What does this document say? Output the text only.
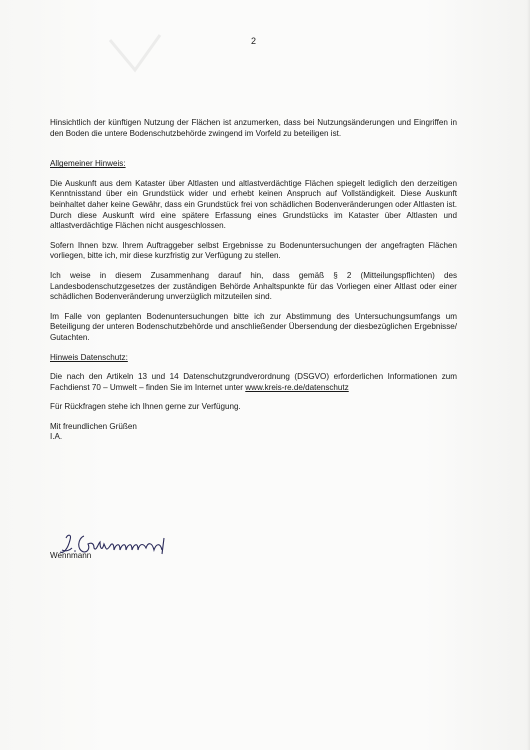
2

Hinsichtlich der künftigen Nutzung der Flächen ist anzumerken, dass bei Nutzungsänderungen und Eingriffen in den Boden die untere Bodenschutzbehörde zwingend im Vorfeld zu beteiligen ist.

Allgemeiner Hinweis:

Die Auskunft aus dem Kataster über Altlasten und altlastverdächtige Flächen spiegelt lediglich den derzeitigen Kenntnisstand über ein Grundstück wider und erhebt keinen Anspruch auf Vollständigkeit. Diese Auskunft beinhaltet daher keine Gewähr, dass ein Grundstück frei von schädlichen Bodenveränderungen oder Altlasten ist. Durch diese Auskunft wird eine spätere Erfassung eines Grundstücks im Kataster über Altlasten und altlastverdächtige Flächen nicht ausgeschlossen.

Sofern Ihnen bzw. Ihrem Auftraggeber selbst Ergebnisse zu Bodenuntersuchungen der angefragten Flächen vorliegen, bitte ich, mir diese kurzfristig zur Verfügung zu stellen.

Ich weise in diesem Zusammenhang darauf hin, dass gemäß § 2 (Mitteilungspflichten) des Landesbodenschutzgesetzes der zuständigen Behörde Anhaltspunkte für das Vorliegen einer Altlast oder einer schädlichen Bodenveränderung unverzüglich mitzuteilen sind.

Im Falle von geplanten Bodenuntersuchungen bitte ich zur Abstimmung des Untersuchungsumfangs um Beteiligung der unteren Bodenschutzbehörde und anschließender Übersendung der diesbezüglichen Ergebnisse/ Gutachten.

Hinweis Datenschutz:

Die nach den Artikeln 13 und 14 Datenschutzgrundverordnung (DSGVO) erforderlichen Informationen zum Fachdienst 70 – Umwelt – finden Sie im Internet unter www.kreis-re.de/datenschutz

Für Rückfragen stehe ich Ihnen gerne zur Verfügung.

Mit freundlichen Grüßen

I.A.

Wennmann
